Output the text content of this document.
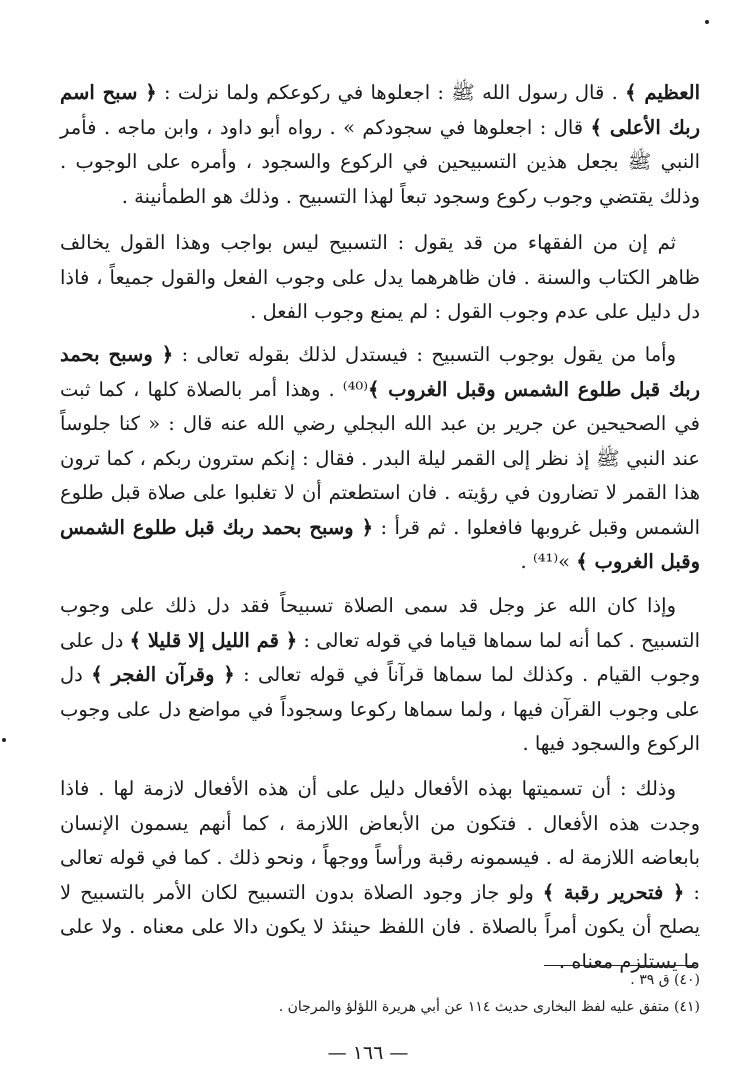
العظيم ﴾ . قال رسول الله ﷺ : اجعلوها في ركوعكم ولما نزلت : ﴿ سبح اسم ربك الأعلى ﴾ قال : اجعلوها في سجودكم » . رواه أبو داود ، وابن ماجه . فأمر النبي ﷺ بجعل هذين التسبيحين في الركوع والسجود ، وأمره على الوجوب . وذلك يقتضي وجوب ركوع وسجود تبعاً لهذا التسبيح . وذلك هو الطمأنينة .

ثم إن من الفقهاء من قد يقول : التسبيح ليس بواجب وهذا القول يخالف ظاهر الكتاب والسنة . فان ظاهرهما يدل على وجوب الفعل والقول جميعاً ، فاذا دل دليل على عدم وجوب القول : لم يمنع وجوب الفعل .

وأما من يقول بوجوب التسبيح : فيستدل لذلك بقوله تعالى : ﴿ وسبح بحمد ربك قبل طلوع الشمس وقبل الغروب ﴾⁽⁴⁰⁾ . وهذا أمر بالصلاة كلها ، كما ثبت في الصحيحين عن جرير بن عبد الله البجلي رضي الله عنه قال : « كنا جلوساً عند النبي ﷺ إذ نظر إلى القمر ليلة البدر . فقال : إنكم سترون ربكم ، كما ترون هذا القمر لا تضارون في رؤيته . فان استطعتم أن لا تغلبوا على صلاة قبل طلوع الشمس وقبل غروبها فافعلوا . ثم قرأ : ﴿ وسبح بحمد ربك قبل طلوع الشمس وقبل الغروب ﴾ »⁽⁴¹⁾ .

وإذا كان الله عز وجل قد سمى الصلاة تسبيحاً فقد دل ذلك على وجوب التسبيح . كما أنه لما سماها قياما في قوله تعالى : ﴿ قم الليل إلا قليلا ﴾ دل على وجوب القيام . وكذلك لما سماها قرآناً في قوله تعالى : ﴿ وقرآن الفجر ﴾ دل على وجوب القرآن فيها ، ولما سماها ركوعا وسجوداً في مواضع دل على وجوب الركوع والسجود فيها .

وذلك : أن تسميتها بهذه الأفعال دليل على أن هذه الأفعال لازمة لها . فاذا وجدت هذه الأفعال . فتكون من الأبعاض اللازمة ، كما أنهم يسمون الإنسان بابعاضه اللازمة له . فيسمونه رقبة ورأساً ووجهاً ، ونحو ذلك . كما في قوله تعالى : ﴿ فتحرير رقبة ﴾ ولو جاز وجود الصلاة بدون التسبيح لكان الأمر بالتسبيح لا يصلح أن يكون أمراً بالصلاة . فان اللفظ حينئذ لا يكون دالا على معناه . ولا على ما يستلزم معناه .

(٤٠) ق ٣٩ .
(٤١) متفق عليه لفظ البخارى حديث ١١٤ عن أبي هريرة اللؤلؤ والمرجان .
— ١٦٦ —
